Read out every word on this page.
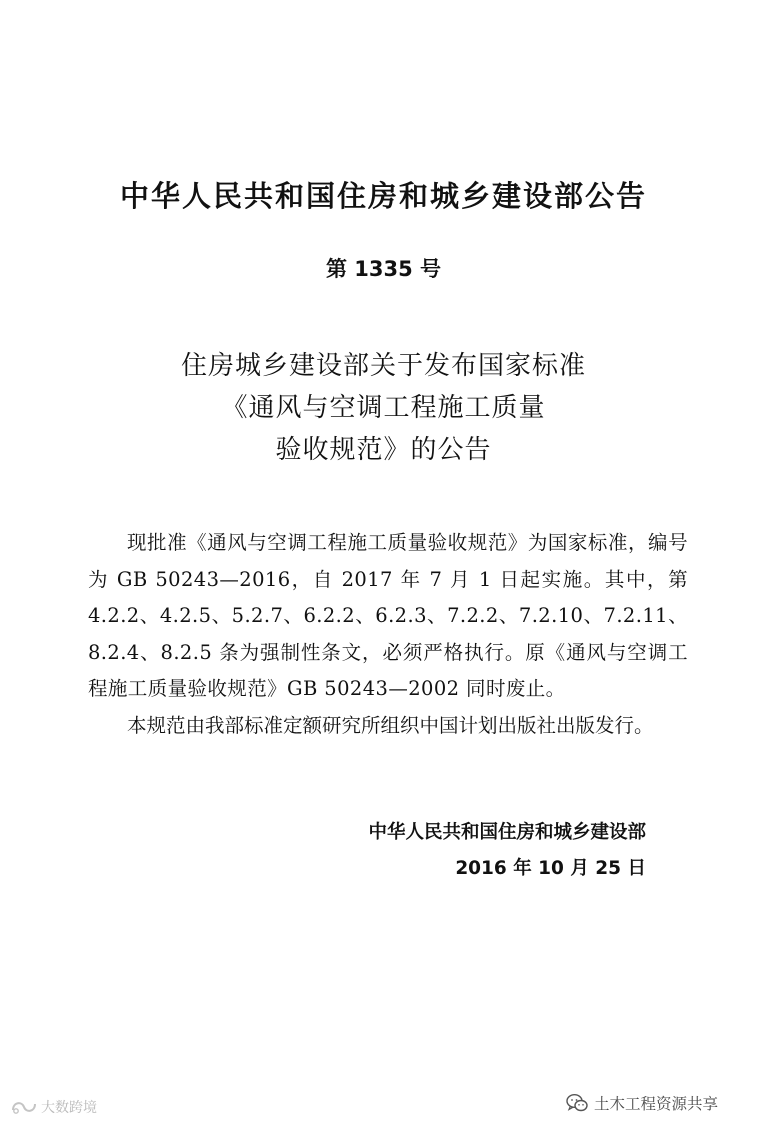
中华人民共和国住房和城乡建设部公告
第 1335 号
住房城乡建设部关于发布国家标准
《通风与空调工程施工质量
验收规范》的公告

现批准《通风与空调工程施工质量验收规范》为国家标准，编号为 GB 50243—2016，自 2017 年 7 月 1 日起实施。其中，第 4.2.2、4.2.5、5.2.7、6.2.2、6.2.3、7.2.2、7.2.10、7.2.11、8.2.4、8.2.5 条为强制性条文，必须严格执行。原《通风与空调工程施工质量验收规范》GB 50243—2002 同时废止。

本规范由我部标准定额研究所组织中国计划出版社出版发行。

中华人民共和国住房和城乡建设部
2016 年 10 月 25 日
土木工程资源共享
大数跨境
